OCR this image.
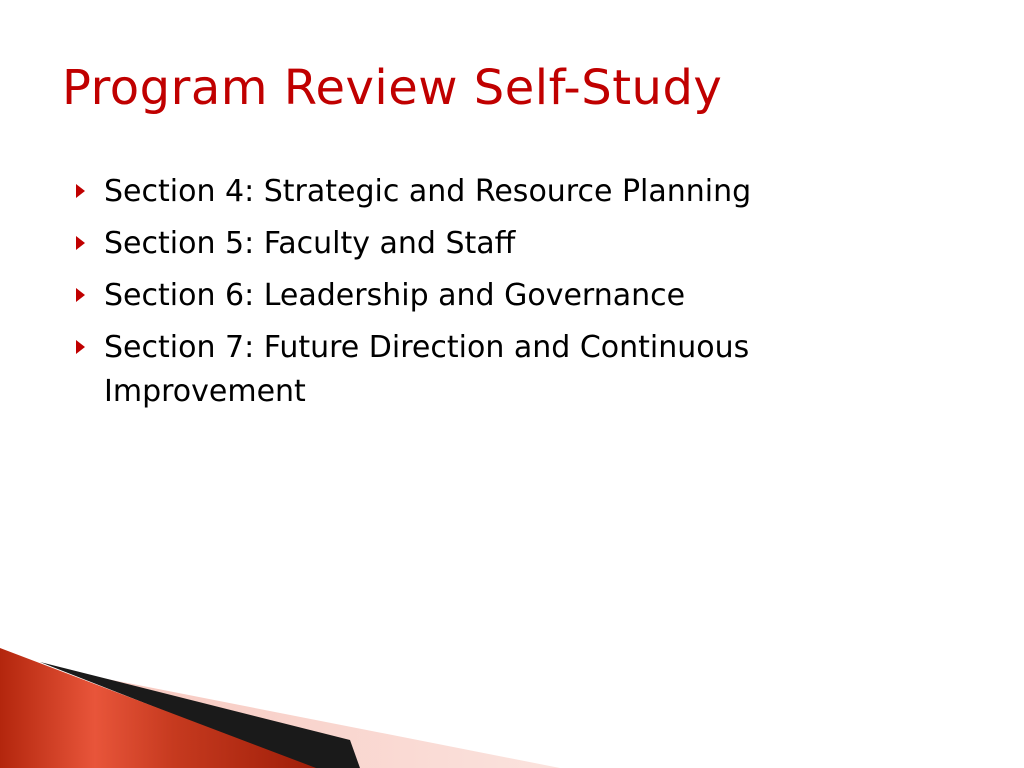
Program Review Self-Study
Section 4: Strategic and Resource Planning
Section 5: Faculty and Staff
Section 6: Leadership and Governance
Section 7: Future Direction and Continuous Improvement
